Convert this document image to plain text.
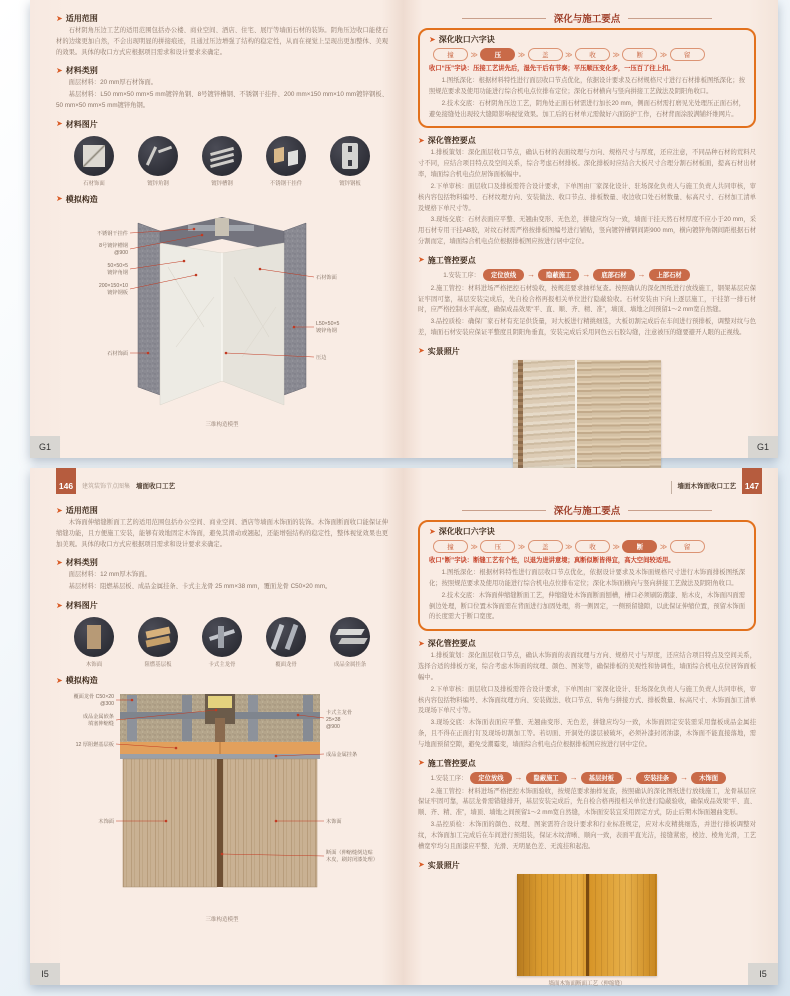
➤ 适用范围

石材阴角压边工艺的适用范围包括办公楼、商业空间、酒店、住宅、展厅等墙面石材的装饰。阴角压边收口能使石材的边缘更加自然，不会出现明显的拼接痕迹，且通过压边增强了结构的稳定性，从而在视觉上呈现出更加整体、美观的效果。具体的收口方式应根据项目需求和设计要求来确定。

➤ 材料类别

面层材料：20 mm厚石材饰面。

基层材料：L50 mm×50 mm×5 mm镀锌角钢、8号镀锌槽钢、不锈钢干挂件、200 mm×150 mm×10 mm镀锌钢板、50 mm×50 mm×5 mm镀锌角钢。

➤ 材料图片
石材饰面	镀锌角钢	镀锌槽钢	不锈钢干挂件	镀锌钢板
➤ 模拟构造
不锈钢干挂件
8号镀锌槽钢
@900
50×50×5
镀锌角钢
200×150×10
镀锌钢板
石材饰面
石材饰面
L50×50×5
镀锌角钢
压边
三维构造模型
G1
深化与施工要点
➤ 深化收口六字诀
撞	≫	压	≫	盖	≫	收	≫	断	≫	留
收口“压”字诀：压接工艺讲先后，湿先干后有节奏；平压顺压变化多，一压百了往上扣。

1.图纸深化：根据材料特性进行面层收口节点优化，依据设计要求及石材规格尺寸进行石材排板图纸深化；按照规范要求及使用功能进行综合机电点位排布定位；深化石材横向与竖向拼接工艺做法及阴阳角收口。

2.技术交底：石材阴角压边工艺，阴角处正面石材需进行加长20 mm，侧面石材需打磨见光处理压正面石材，避免接缝处出现较大缝隙影响视觉效果。加工后的石材单元需做好六面防护工作，石材背面涂胶满铺纤维网片。

➤ 深化管控要点

1.排板策划：深化面层收口节点，确认石材的表面纹理与方向、规格尺寸与厚度，还应注意，不同品种石材的荒料尺寸不同，应结合项目特点及空间关系，综合考虑石材排板。深化排板时应结合大板尺寸合理分割石材板面，提高石材出材率，墙面综合机电点位居饰面板幅中。

2.下单审核：面层收口及排板需符合设计要求，下单图由厂家深化设计、驻场深化负责人与施工负责人共同审核，审核内容包括物料编号、石材纹理方向、安装做法、收口节点、排板数量、收边收口处石材数量、标高尺寸、石材加工清单及规格下单尺寸等。

3.现场交底：石材表面应平整、无翘曲变形、无色差，拼缝应均匀一致，墙面干挂天然石材厚度不应小于20 mm，采用石材专用干挂AB胶，对纹石材需严格按排板图编号进行铺贴，竖向镀锌槽钢间距900 mm，横向镀锌角钢间距根据石材分割而定，墙面综合机电点位根据排板图应按进行居中定位。

➤ 施工管控要点
1.安装工序：	定位放线	→	隐蔽施工	→	底部石材	→	上部石材

2.施工管控：材料进场严格把控石材验收，按规范要求抽样复查。按照确认的深化图纸进行放线施工，钢架基层应保证牢固可靠，基层安装完成后，先自检合格再报相关单位进行隐蔽验收。石材安装由下向上逐层施工，干挂第一排石材时，应严格控制水平高度，确保成品效果“平、直、顺、齐、精、准”，墙顶、墙地之间预留1～2 mm宽自然缝。

3.品控质检：确保厂家石材有充足供货量，对大板进行精挑细选，大板切割完成后在车间进行预排板，调整对纹与色差，墙面石材安装应保证平整度且阴阳角垂直，安装完成后采用同色云石胶勾缝，注意被压的缝要避开人眼的正视线。

➤ 实景照片
G1
146	建筑装饰节点图集 墙面收口工艺
➤ 适用范围

木饰面伸缩缝断面工艺的适用范围包括办公空间、商业空间、酒店等墙面木饰面的装饰。木饰面断面收口能保证伸缩缝功能，且方便施工安装，能够有效地固定木饰面，避免其滑动或翘起，还能增强结构的稳定性，整体视觉效果也更加美观。具体的收口方式应根据项目需求和设计要求来确定。

➤ 材料类别

面层材料：12 mm厚木饰面。

基层材料：阻燃基层板、成品金属挂条、卡式主龙骨 25 mm×38 mm，覆面龙骨 C50×20 mm。

➤ 材料图片
木饰面	阻燃基层板	卡式主龙骨	覆面龙骨	成品金属挂条
➤ 模拟构造
覆面龙骨 C50×20
@300
成品金属嵌条
填塞伸缩缝
12 厚阻燃基层板
木饰面
卡式主龙骨
25×38
@900
成品金属挂条
木饰面
断面（伸缩缝倒边贴
木皮，刷封闭漆处理）
三维构造模型
I5
墙面木饰面收口工艺	147
深化与施工要点
➤ 深化收口六字诀
撞	≫	压	≫	盖	≫	收	≫	断	≫	留
收口“断”字诀：断缝工艺有个性，以退为进讲意境；真断似断皆得宜，高大空间较适用。

1.图纸深化：根据材料特性进行面层收口节点优化，依据设计要求及木饰面规格尺寸进行木饰面排板图纸深化；按照规范要求及使用功能进行综合机电点位排布定位；深化木饰面横向与竖向拼接工艺做法及阴阳角收口。

2.技术交底：木饰面伸缩缝断面工艺，伸缩缝处木饰面断面刨槽，槽口必须刷防潮漆、贴木皮，木饰面四面需倒边处理，断口位置木饰面需在背面进行加固处理，将一侧固定，一侧预留缝隙，以此保证伸缩位置，预留木饰面的长度需大于断口宽度。

➤ 深化管控要点

1.排板策划：深化面层收口节点，确认木饰面的表面纹理与方向、规格尺寸与厚度，还应结合项目特点及空间关系，选择合适的排板方案，综合考虑木饰面的纹理、颜色、图案等，确保排板的美观性和协调性，墙面综合机电点位居饰面板幅中。

2.下单审核：面层收口及排板需符合设计要求，下单图由厂家深化设计、驻场深化负责人与施工负责人共同审核，审核内容包括物料编号、木饰面纹理方向、安装做法、收口节点、转角与拼接方式、排板数量、标高尺寸、木饰面加工清单及现场下单尺寸等。

3.现场交底：木饰面表面应平整、无翘曲变形、无色差，拼缝应均匀一致，木饰面固定安装需采用靠板成品金属挂条，且不得在正面打钉及现场切割加工等。若切面、开洞处的漆层被破坏，必须补漆封闭油漆，木饰面不能直接落地，需与地面预留空隙，避免受潮霉变，墙面综合机电点位根据排板图应按进行居中定位。

➤ 施工管控要点
1.安装工序：	定位放线	→	隐蔽施工	→	基层封板	→	安装挂条	→	木饰面

2.施工管控：材料进场严格把控木饰面验收，按规范要求抽样复查，按照确认的深化图纸进行放线施工，龙骨基层应保证牢固可靠，基层龙骨需错缝排开，基层安装完成后，先自检合格再报相关单位进行隐蔽验收，确保成品效果“平、直、顺、齐、精、准”，墙顶、墙地之间预留1～2 mm宽自然缝，木饰面安装宜采用固定方式，防止后期木饰面翘曲变形。

3.品控质检：木饰面的颜色、纹理、图案需符合设计要求和行业标准规定，应对木皮精挑细选，并进行排板调整对纹，木饰面加工完成后在车间进行预组装，保证木纹清晰、顺向一致，表面平直光洁，接缝紧密，棱边、棱角光滑，工艺槽宽窄均匀且面漆应平整、光滑、无明显色差、无流挂和起泡。

➤ 实景照片
墙面木饰面断面工艺（伸缩缝）
I5
